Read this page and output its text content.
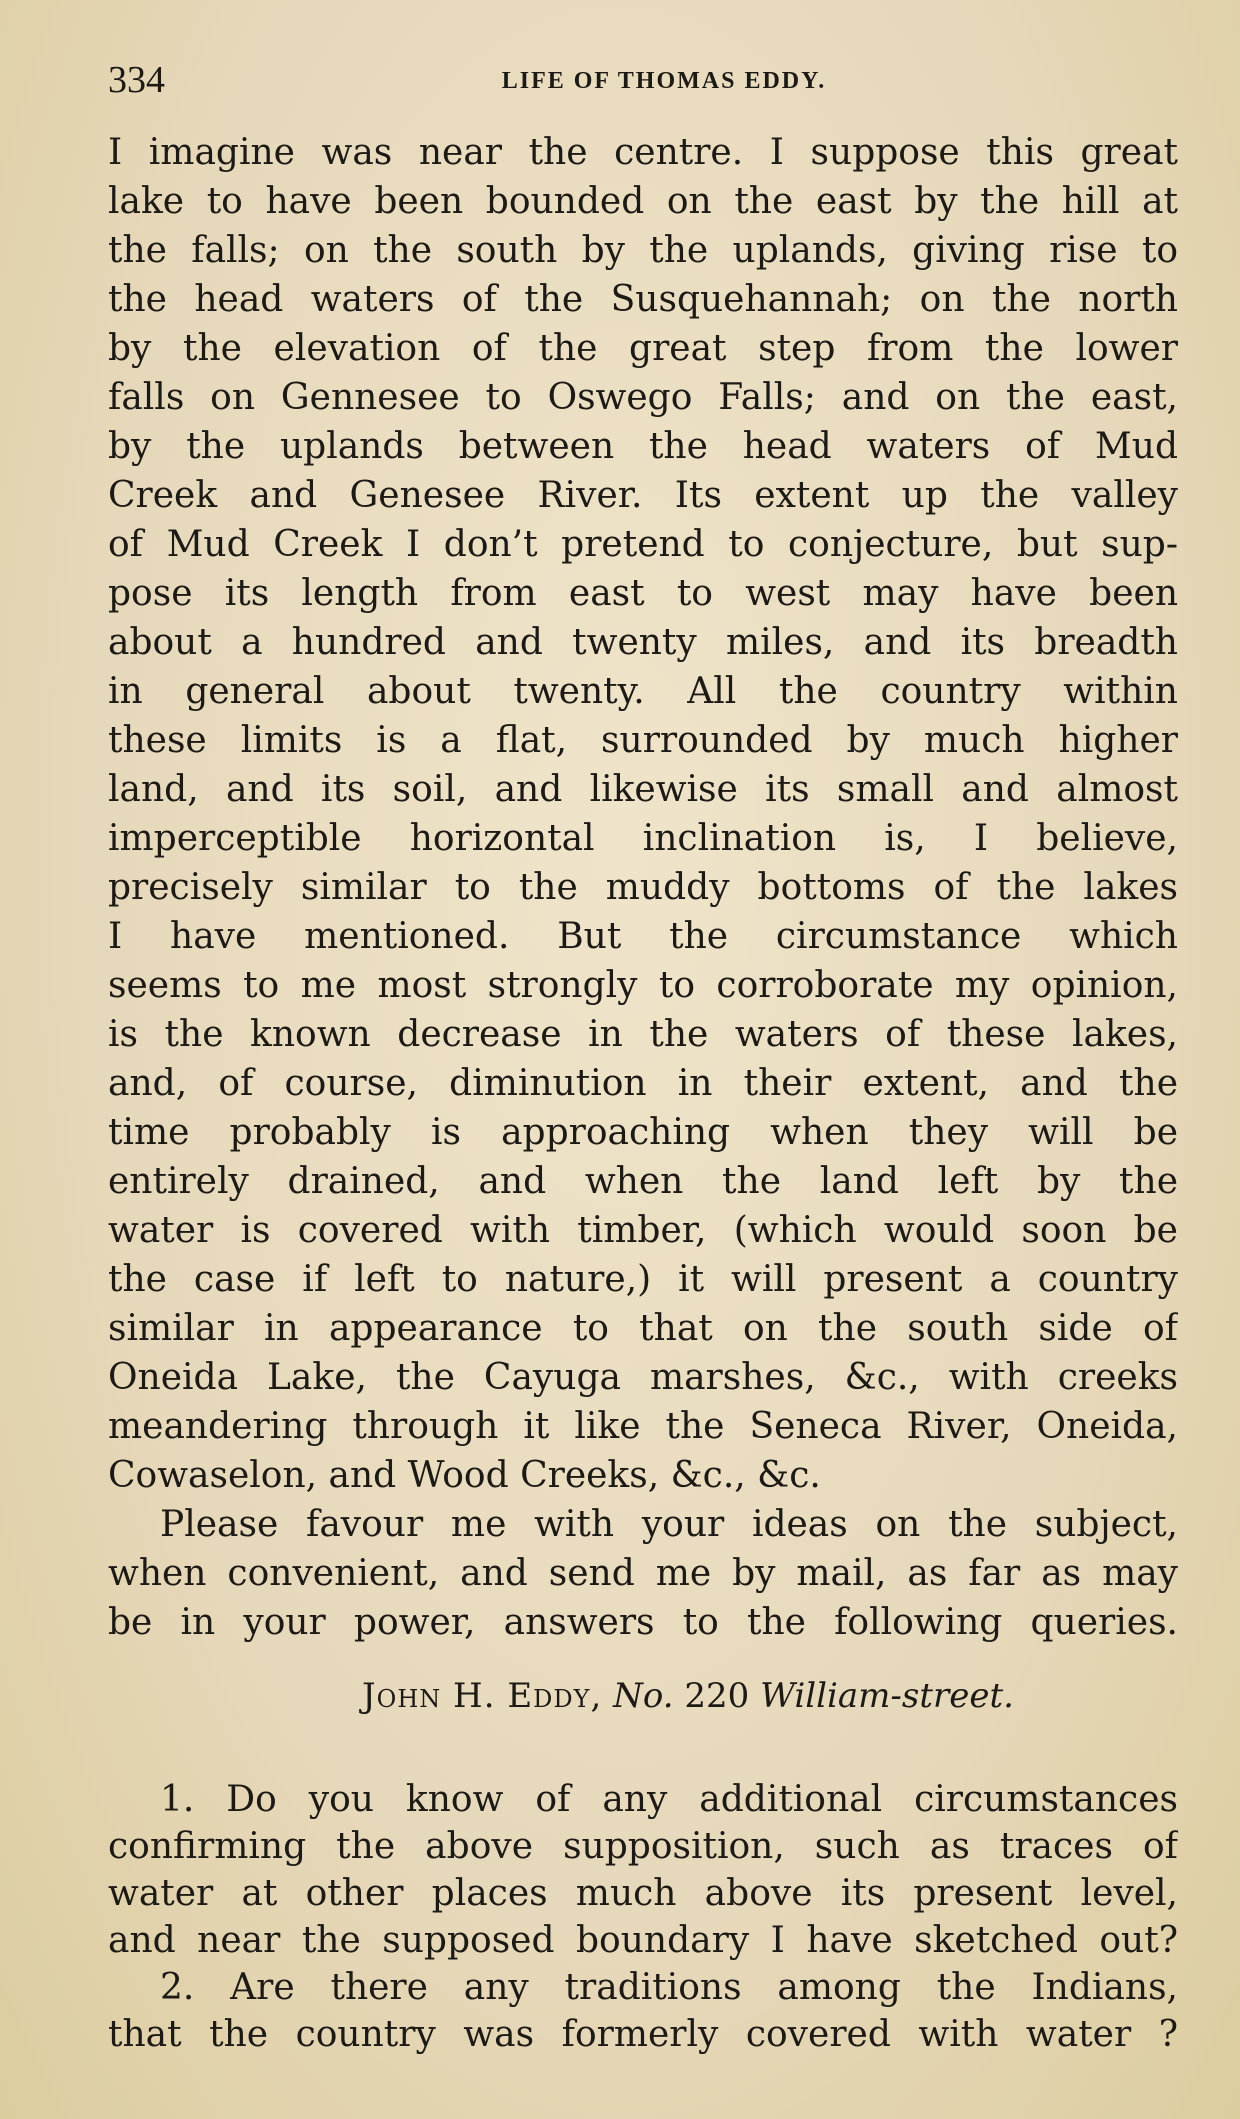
334	LIFE OF THOMAS EDDY.
I imagine was near the centre. I suppose this great
lake to have been bounded on the east by the hill at
the falls; on the south by the uplands, giving rise to
the head waters of the Susquehannah; on the north
by the elevation of the great step from the lower
falls on Gennesee to Oswego Falls; and on the east,
by the uplands between the head waters of Mud
Creek and Genesee River. Its extent up the valley
of Mud Creek I don’t pretend to conjecture, but sup-
pose its length from east to west may have been
about a hundred and twenty miles, and its breadth
in general about twenty. All the country within
these limits is a flat, surrounded by much higher
land, and its soil, and likewise its small and almost
imperceptible horizontal inclination is, I believe,
precisely similar to the muddy bottoms of the lakes
I have mentioned. But the circumstance which
seems to me most strongly to corroborate my opinion,
is the known decrease in the waters of these lakes,
and, of course, diminution in their extent, and the
time probably is approaching when they will be
entirely drained, and when the land left by the
water is covered with timber, (which would soon be
the case if left to nature,) it will present a country
similar in appearance to that on the south side of
Oneida Lake, the Cayuga marshes, &c., with creeks
meandering through it like the Seneca River, Oneida,
Cowaselon, and Wood Creeks, &c., &c.
Please favour me with your ideas on the subject,
when convenient, and send me by mail, as far as may
be in your power, answers to the following queries.
John H. Eddy, No. 220 William-street.
1. Do you know of any additional circumstances
confirming the above supposition, such as traces of
water at other places much above its present level,
and near the supposed boundary I have sketched out?
2. Are there any traditions among the Indians,
that the country was formerly covered with water ?
